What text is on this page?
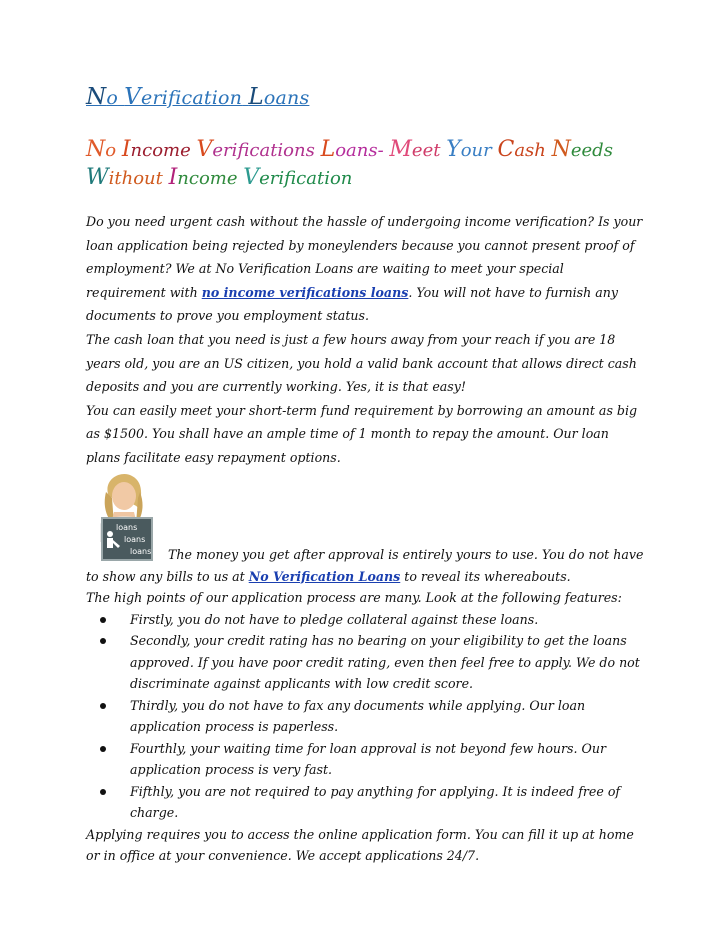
No Verification Loans
No Income Verifications Loans- Meet Your Cash Needs
Without Income Verification

Do you need urgent cash without the hassle of undergoing income verification? Is your loan application being rejected by moneylenders because you cannot present proof of employment? We at No Verification Loans are waiting to meet your special requirement with no income verifications loans. You will not have to furnish any documents to prove you employment status.

The cash loan that you need is just a few hours away from your reach if you are 18 years old, you are an US citizen, you hold a valid bank account that allows direct cash deposits and you are currently working. Yes, it is that easy!

You can easily meet your short-term fund requirement by borrowing an amount as big as $1500. You shall have an ample time of 1 month to repay the amount. Our loan plans facilitate easy repayment options.

loans
loans
loans	The money you get after approval is entirely yours to use. You do not have to show any bills to us at No Verification Loans to reveal its whereabouts.

The high points of our application process are many. Look at the following features:

Firstly, you do not have to pledge collateral against these loans.
Secondly, your credit rating has no bearing on your eligibility to get the loans approved. If you have poor credit rating, even then feel free to apply. We do not discriminate against applicants with low credit score.
Thirdly, you do not have to fax any documents while applying. Our loan application process is paperless.
Fourthly, your waiting time for loan approval is not beyond few hours. Our application process is very fast.
Fifthly, you are not required to pay anything for applying. It is indeed free of charge.

Applying requires you to access the online application form. You can fill it up at home or in office at your convenience. We accept applications 24/7.
